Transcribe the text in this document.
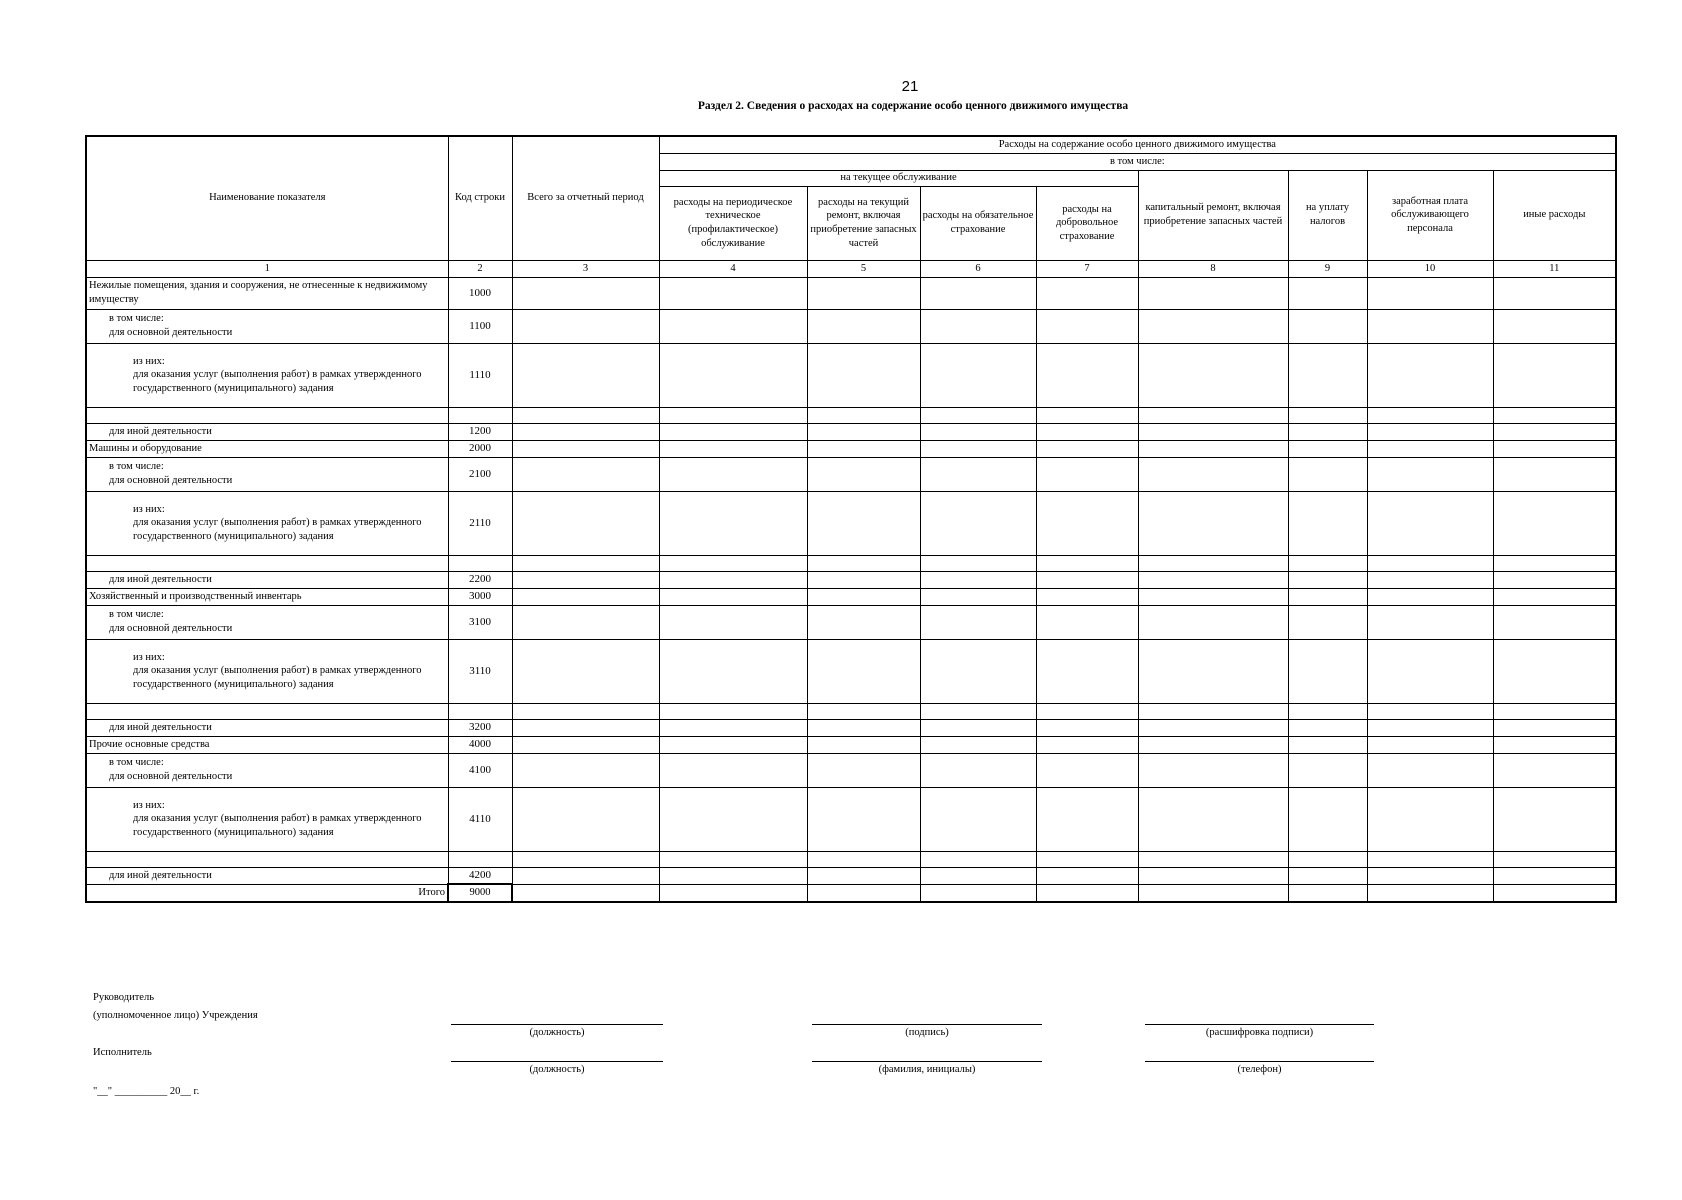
21
Раздел 2. Сведения о расходах на содержание особо ценного движимого имущества
Наименование показателя	Код строки	Всего за отчетный период	Расходы на содержание особо ценного движимого имущества							
			в том числе:							
			на текущее обслуживание				капитальный ремонт, включая приобретение запасных частей	на уплату налогов	заработная плата обслуживающего персонала	иные расходы
			расходы на периодическое техническое (профилактическое) обслуживание	расходы на текущий ремонт, включая приобретение запасных частей	расходы на обязательное страхование	расходы на добровольное страхование				
1	2	3	4	5	6	7	8	9	10	11
Нежилые помещения, здания и сооружения, не отнесенные к недвижимому имуществу	1000									

в том числе:
для основной деятельности	1100									

из них:
для оказания услуг (выполнения работ) в рамках утвержденного государственного (муниципального) задания	1110									

для иной деятельности	1200									
Машины и оборудование	2000									

в том числе:
для основной деятельности	2100									

из них:
для оказания услуг (выполнения работ) в рамках утвержденного государственного (муниципального) задания	2110									

для иной деятельности	2200									
Хозяйственный и производственный инвентарь	3000									

в том числе:
для основной деятельности	3100									

из них:
для оказания услуг (выполнения работ) в рамках утвержденного государственного (муниципального) задания	3110									

для иной деятельности	3200									
Прочие основные средства	4000									

в том числе:
для основной деятельности	4100									

из них:
для оказания услуг (выполнения работ) в рамках утвержденного государственного (муниципального) задания	4110									

для иной деятельности	4200									
Итого	9000									
Руководитель
(уполномоченное лицо) Учреждения
(должность)	(подпись)	(расшифровка подписи)
Исполнитель
(должность)	(фамилия, инициалы)	(телефон)
"__" __________ 20__ г.
